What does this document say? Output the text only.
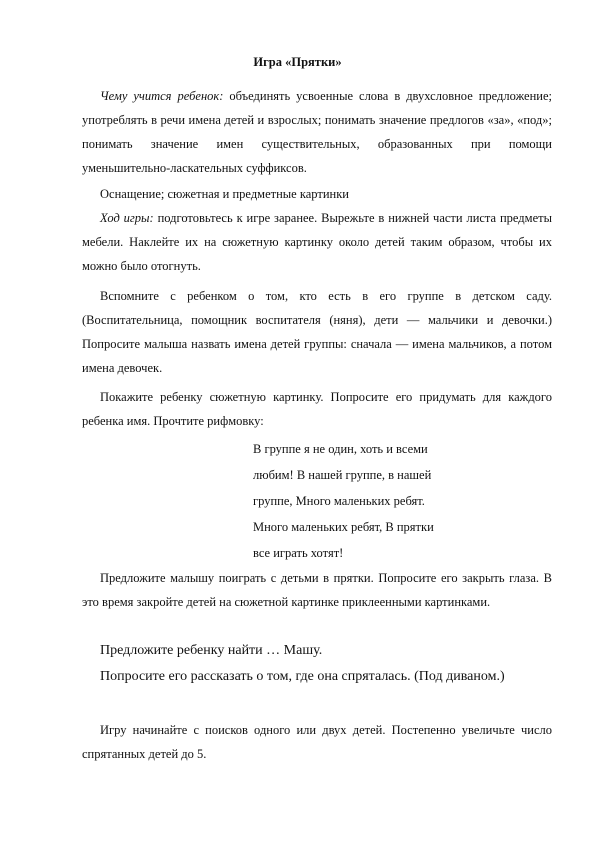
Игра «Прятки»

Чему учится ребенок: объединять усвоенные слова в двухсловное предложение; употреблять в речи имена детей и взрослых; понимать значение предлогов «за», «под»; понимать значение имен существительных, образованных при помощи уменьшительно-ласкательных суффиксов.

Оснащение; сюжетная и предметные картинки

Ход игры: подготовьтесь к игре заранее. Вырежьте в нижней части листа предметы мебели. Наклейте их на сюжетную картинку около детей таким образом, чтобы их можно было отогнуть.

Вспомните с ребенком о том, кто есть в его группе в детском саду. (Воспитательница, помощник воспитателя (няня), дети — мальчики и девочки.) Попросите малыша назвать имена детей группы: сначала — имена мальчиков, а потом имена девочек.

Покажите ребенку сюжетную картинку. Попросите его придумать для каждого ребенка имя. Прочтите рифмовку:

В группе я не один, хоть и всеми
любим! В нашей группе, в нашей
группе, Много маленьких ребят.
Много маленьких ребят, В прятки
все играть хотят!

Предложите малышу поиграть с детьми в прятки. Попросите его закрыть глаза. В это время закройте детей на сюжетной картинке приклеенными картинками.

Предложите ребенку найти … Машу.

Попросите его рассказать о том, где она спряталась. (Под диваном.)

Игру начинайте с поисков одного или двух детей. Постепенно увеличьте число спрятанных детей до 5.
